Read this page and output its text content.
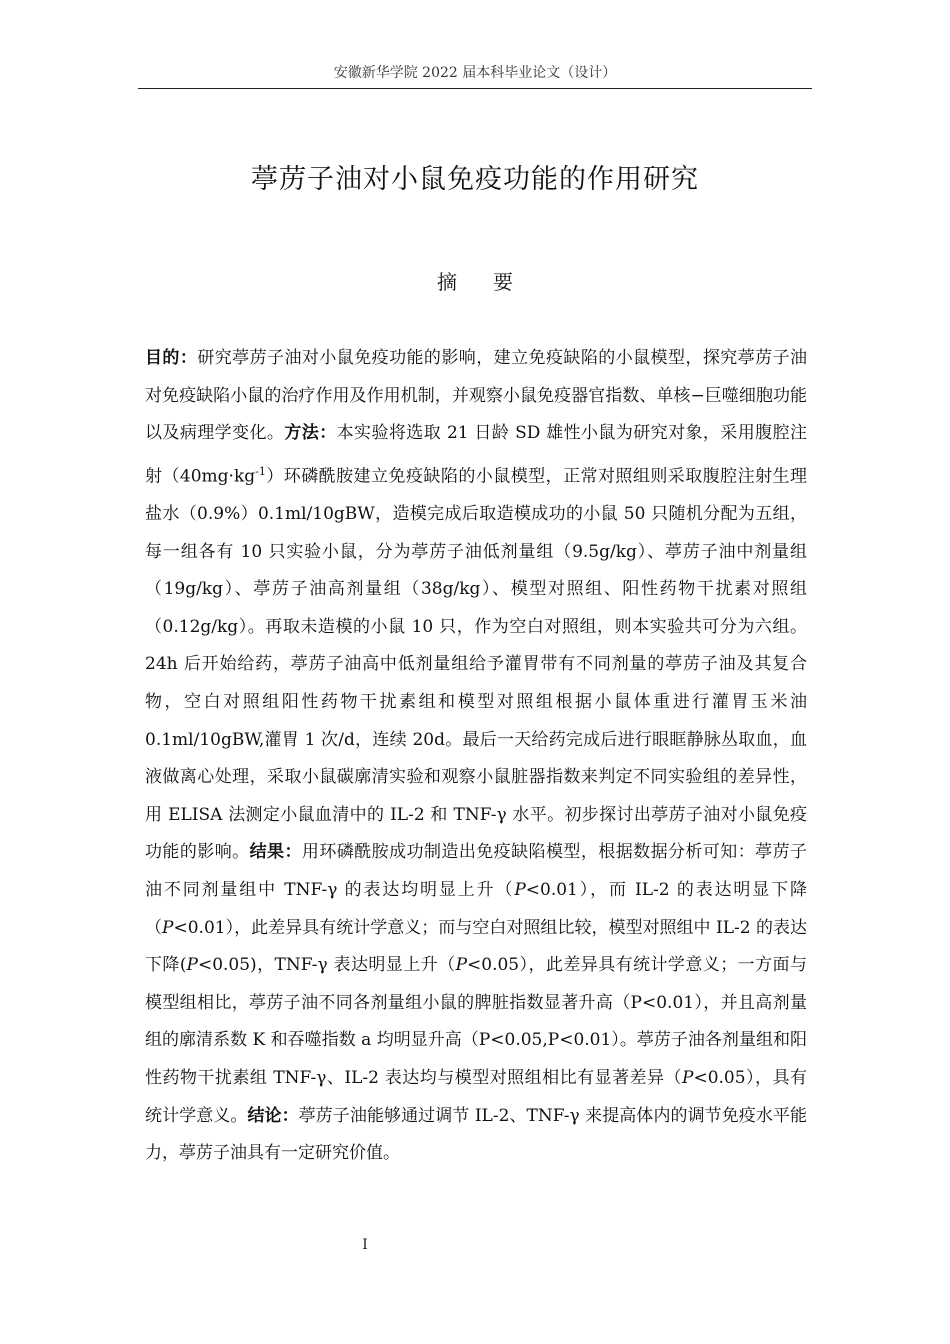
安徽新华学院 2022 届本科毕业论文（设计）
葶苈子油对小鼠免疫功能的作用研究
摘 要
目的：研究葶苈子油对小鼠免疫功能的影响，建立免疫缺陷的小鼠模型，探究葶苈子油对免疫缺陷小鼠的治疗作用及作用机制，并观察小鼠免疫器官指数、单核−巨噬细胞功能以及病理学变化。方法：本实验将选取 21 日龄 SD 雄性小鼠为研究对象，采用腹腔注射$(40mg\cdot kg^{-1})$环磷酰胺建立免疫缺陷的小鼠模型，正常对照组则采取腹腔注射生理盐水（0.9%）0.1ml/10gBW，造模完成后取造模成功的小鼠 50 只随机分配为五组，每一组各有 10 只实验小鼠，分为葶苈子油低剂量组（9.5g/kg）、葶苈子油中剂量组（19g/kg）、葶苈子油高剂量组（38g/kg）、模型对照组、阳性药物干扰素对照组（0.12g/kg）。再取未造模的小鼠 10 只，作为空白对照组，则本实验共可分为六组。24h 后开始给药，葶苈子油高中低剂量组给予灌胃带有不同剂量的葶苈子油及其复合物，空白对照组阳性药物干扰素组和模型对照组根据小鼠体重进行灌胃玉米油 0.1ml/10gBW,灌胃 1 次/d，连续 20d。最后一天给药完成后进行眼眶静脉丛取血，血液做离心处理，采取小鼠碳廓清实验和观察小鼠脏器指数来判定不同实验组的差异性，用 ELISA 法测定小鼠血清中的 IL-2 和 TNF-γ 水平。初步探讨出葶苈子油对小鼠免疫功能的影响。结果：用环磷酰胺成功制造出免疫缺陷模型，根据数据分析可知：葶苈子油不同剂量组中 TNF-γ 的表达均明显上升（P<0.01），而 IL-2 的表达明显下降（P<0.01），此差异具有统计学意义；而与空白对照组比较，模型对照组中 IL-2 的表达下降(P<0.05)，TNF-γ 表达明显上升（P<0.05），此差异具有统计学意义；一方面与模型组相比，葶苈子油不同各剂量组小鼠的脾脏指数显著升高（P<0.01），并且高剂量组的廓清系数 K 和吞噬指数 a 均明显升高（P<0.05,P<0.01）。葶苈子油各剂量组和阳性药物干扰素组 TNF-γ、IL-2 表达均与模型对照组相比有显著差异（P<0.05），具有统计学意义。结论：葶苈子油能够通过调节 IL-2、TNF-γ 来提高体内的调节免疫水平能力，葶苈子油具有一定研究价值。
I
